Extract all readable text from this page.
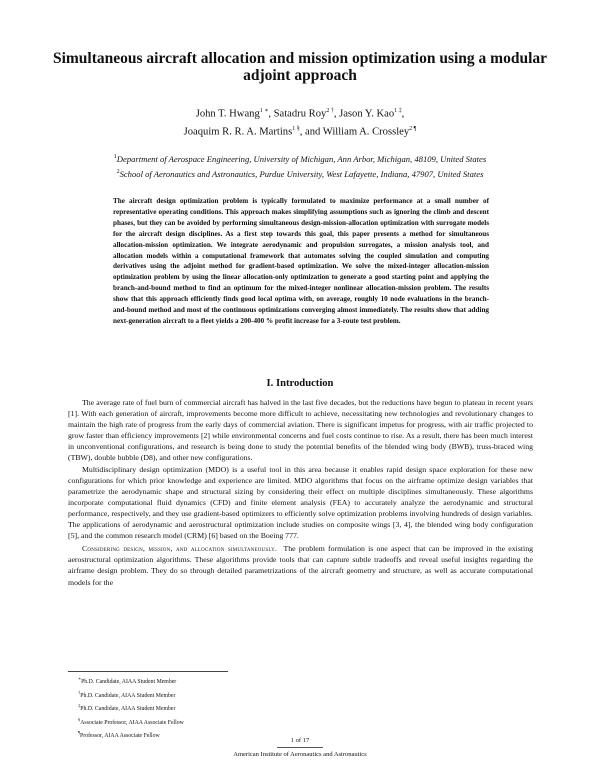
Simultaneous aircraft allocation and mission optimization using a modular adjoint approach

John T. Hwang$^{1 ∗}$, Satadru Roy$^{2 \dagger}$, Jason Y. Kao$^{1 \ddagger}$,
Joaquim R. R. A. Martins$^{1 \S}$, and William A. Crossley$^{2 \P}$

$^1$Department of Aerospace Engineering, University of Michigan, Ann Arbor, Michigan, 48109, United States
$^2$School of Aeronautics and Astronautics, Purdue University, West Lafayette, Indiana, 47907, United States

The aircraft design optimization problem is typically formulated to maximize performance at a small number of representative operating conditions. This approach makes simplifying assumptions such as ignoring the climb and descent phases, but they can be avoided by performing simultaneous design-mission-allocation optimization with surrogate models for the aircraft design disciplines. As a first step towards this goal, this paper presents a method for simultaneous allocation-mission optimization. We integrate aerodynamic and propulsion surrogates, a mission analysis tool, and allocation models within a computational framework that automates solving the coupled simulation and computing derivatives using the adjoint method for gradient-based optimization. We solve the mixed-integer allocation-mission optimization problem by using the linear allocation-only optimization to generate a good starting point and applying the branch-and-bound method to find an optimum for the mixed-integer nonlinear allocation-mission problem. The results show that this approach efficiently finds good local optima with, on average, roughly 10 node evaluations in the branch-and-bound method and most of the continuous optimizations converging almost immediately. The results show that adding next-generation aircraft to a fleet yields a 200-400 % profit increase for a 3-route test problem.

I. Introduction

The average rate of fuel burn of commercial aircraft has halved in the last five decades, but the reductions have begun to plateau in recent years [1]. With each generation of aircraft, improvements become more difficult to achieve, necessitating new technologies and revolutionary changes to maintain the high rate of progress from the early days of commercial aviation. There is significant impetus for progress, with air traffic projected to grow faster than efficiency improvements [2] while environmental concerns and fuel costs continue to rise. As a result, there has been much interest in unconventional configurations, and research is being done to study the potential benefits of the blended wing body (BWB), truss-braced wing (TBW), double bubble (D8), and other new configurations.

Multidisciplinary design optimization (MDO) is a useful tool in this area because it enables rapid design space exploration for these new configurations for which prior knowledge and experience are limited. MDO algorithms that focus on the airframe optimize design variables that parametrize the aerodynamic shape and structural sizing by considering their effect on multiple disciplines simultaneously. These algorithms incorporate computational fluid dynamics (CFD) and finite element analysis (FEA) to accurately analyze the aerodynamic and structural performance, respectively, and they use gradient-based optimizers to efficiently solve optimization problems involving hundreds of design variables. The applications of aerodynamic and aerostructural optimization include studies on composite wings [3, 4], the blended wing body configuration [5], and the common research model (CRM) [6] based on the Boeing 777.

Considering design, mission, and allocation simultaneously. The problem formulation is one aspect that can be improved in the existing aerostructural optimization algorithms. These algorithms provide tools that can capture subtle tradeoffs and reveal useful insights regarding the airframe design problem. They do so through detailed parametrizations of the aircraft geometry and structure, as well as accurate computational models for the

∗Ph.D. Candidate, AIAA Student Member
†Ph.D. Candidate, AIAA Student Member
‡Ph.D. Candidate, AIAA Student Member
§Associate Professor, AIAA Associate Fellow
¶Professor, AIAA Associate Fellow

1 of 17

American Institute of Aeronautics and Astronautics
